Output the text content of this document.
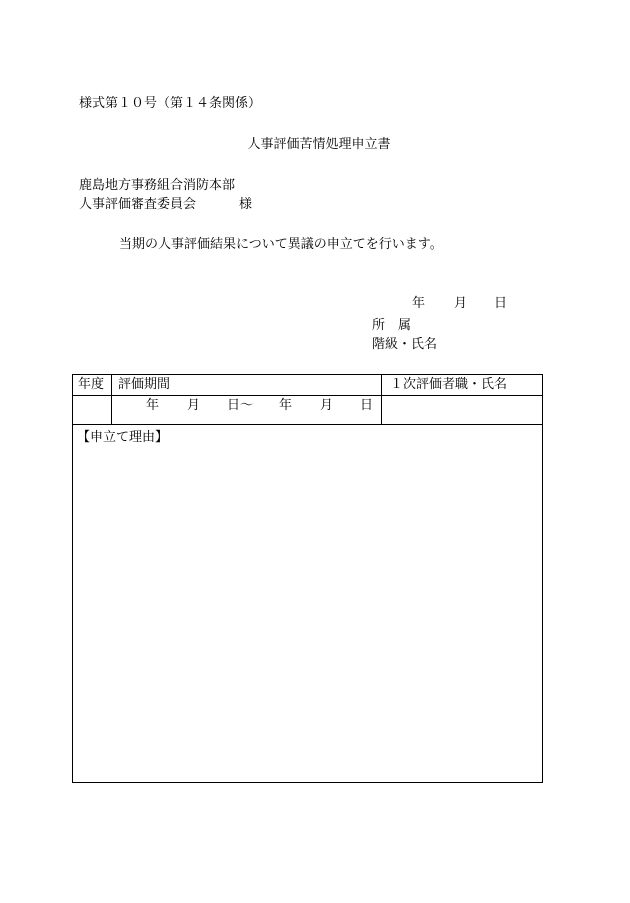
様式第１０号（第１４条関係）
人事評価苦情処理申立書
鹿島地方事務組合消防本部
人事評価審査委員会	様
当期の人事評価結果について異議の申立てを行います。
年 月 日
所　属
階級・氏名
年度 評価期間	１次評価者職・氏名
年 月 日～ 年 月 日
【申立て理由】
